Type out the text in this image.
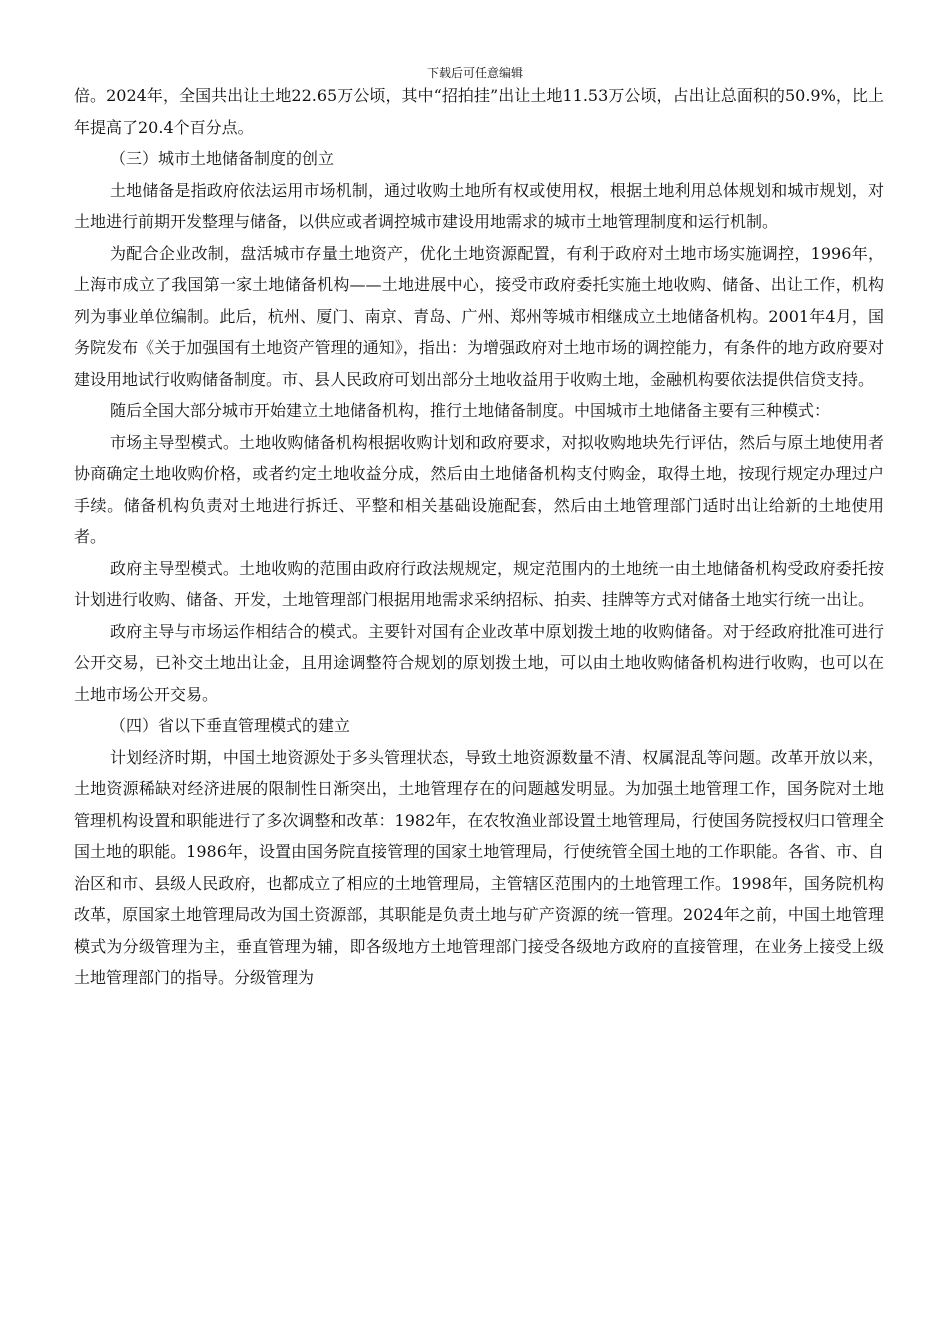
下载后可任意编辑

倍。2024年，全国共出让土地22.65万公顷，其中“招拍挂”出让土地11.53万公顷，占出让总面积的50.9%，比上年提高了20.4个百分点。

（三）城市土地储备制度的创立

土地储备是指政府依法运用市场机制，通过收购土地所有权或使用权，根据土地利用总体规划和城市规划，对土地进行前期开发整理与储备，以供应或者调控城市建设用地需求的城市土地管理制度和运行机制。

为配合企业改制，盘活城市存量土地资产，优化土地资源配置，有利于政府对土地市场实施调控，1996年，上海市成立了我国第一家土地储备机构——土地进展中心，接受市政府委托实施土地收购、储备、出让工作，机构列为事业单位编制。此后，杭州、厦门、南京、青岛、广州、郑州等城市相继成立土地储备机构。2001年4月，国务院发布《关于加强国有土地资产管理的通知》，指出：为增强政府对土地市场的调控能力，有条件的地方政府要对建设用地试行收购储备制度。市、县人民政府可划出部分土地收益用于收购土地，金融机构要依法提供信贷支持。

随后全国大部分城市开始建立土地储备机构，推行土地储备制度。中国城市土地储备主要有三种模式：

市场主导型模式。土地收购储备机构根据收购计划和政府要求，对拟收购地块先行评估，然后与原土地使用者协商确定土地收购价格，或者约定土地收益分成，然后由土地储备机构支付购金，取得土地，按现行规定办理过户手续。储备机构负责对土地进行拆迁、平整和相关基础设施配套，然后由土地管理部门适时出让给新的土地使用者。

政府主导型模式。土地收购的范围由政府行政法规规定，规定范围内的土地统一由土地储备机构受政府委托按计划进行收购、储备、开发，土地管理部门根据用地需求采纳招标、拍卖、挂牌等方式对储备土地实行统一出让。

政府主导与市场运作相结合的模式。主要针对国有企业改革中原划拨土地的收购储备。对于经政府批准可进行公开交易，已补交土地出让金，且用途调整符合规划的原划拨土地，可以由土地收购储备机构进行收购，也可以在土地市场公开交易。

（四）省以下垂直管理模式的建立

计划经济时期，中国土地资源处于多头管理状态，导致土地资源数量不清、权属混乱等问题。改革开放以来，土地资源稀缺对经济进展的限制性日渐突出，土地管理存在的问题越发明显。为加强土地管理工作，国务院对土地管理机构设置和职能进行了多次调整和改革：1982年，在农牧渔业部设置土地管理局，行使国务院授权归口管理全国土地的职能。1986年，设置由国务院直接管理的国家土地管理局，行使统管全国土地的工作职能。各省、市、自治区和市、县级人民政府，也都成立了相应的土地管理局，主管辖区范围内的土地管理工作。1998年，国务院机构改革，原国家土地管理局改为国土资源部，其职能是负责土地与矿产资源的统一管理。2024年之前，中国土地管理模式为分级管理为主，垂直管理为辅，即各级地方土地管理部门接受各级地方政府的直接管理，在业务上接受上级土地管理部门的指导。分级管理为
